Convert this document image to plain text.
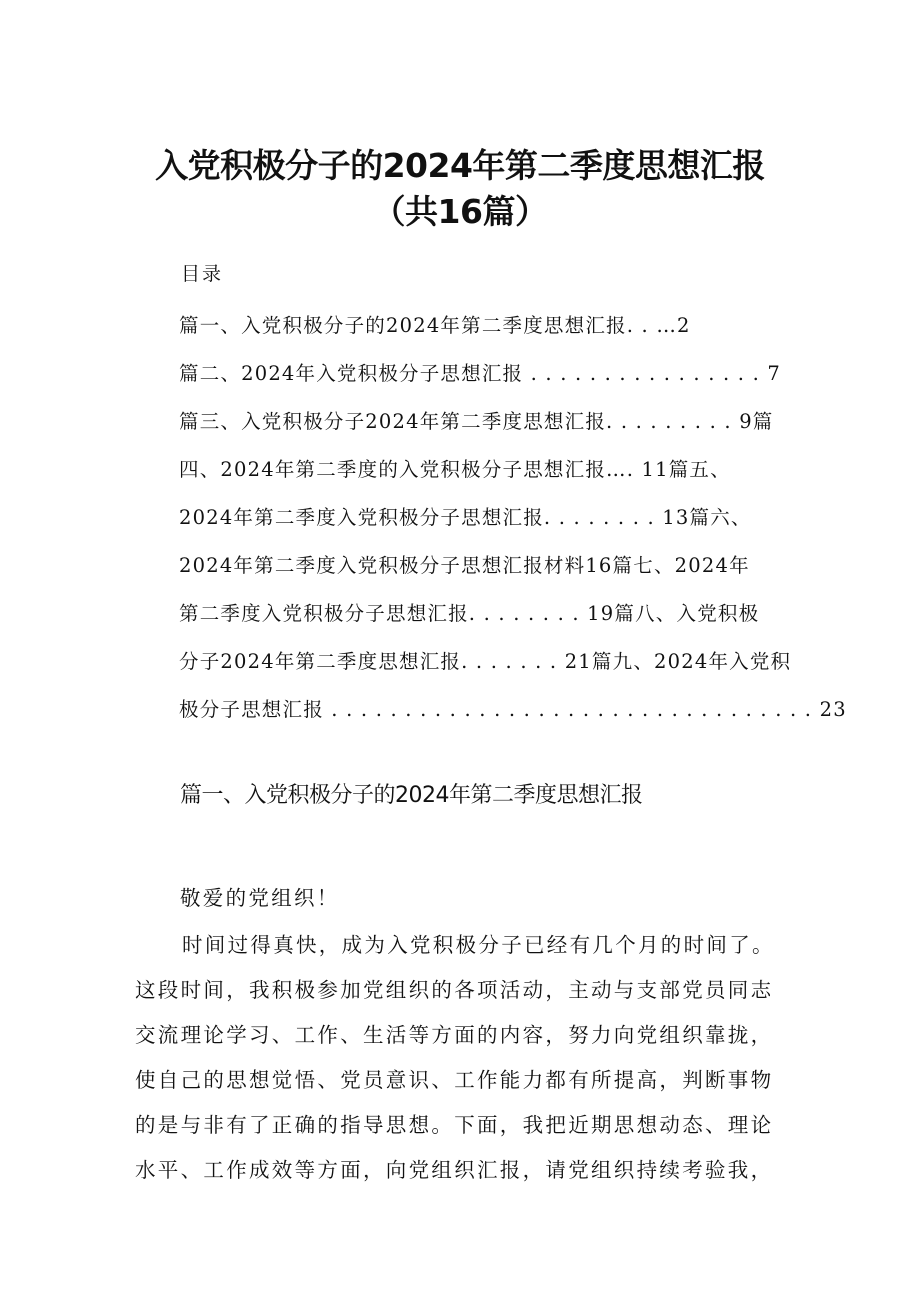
入党积极分子的2024年第二季度思想汇报
（共16篇）
目录
篇一、入党积极分子的2024年第二季度思想汇报. . …2
篇二、2024年入党积极分子思想汇报 . . . . . . . . . . . . . . . . 7
篇三、入党积极分子2024年第二季度思想汇报. . . . . . . . . 9篇
四、2024年第二季度的入党积极分子思想汇报…. 11篇五、
2024年第二季度入党积极分子思想汇报. . . . . . . . 13篇六、
2024年第二季度入党积极分子思想汇报材料16篇七、2024年
第二季度入党积极分子思想汇报. . . . . . . . 19篇八、入党积极
分子2024年第二季度思想汇报. . . . . . . 21篇九、2024年入党积
极分子思想汇报 . . . . . . . . . . . . . . . . . . . . . . . . . . . . . . . . . 23
篇一、入党积极分子的2024年第二季度思想汇报
敬爱的党组织！
时间过得真快，成为入党积极分子已经有几个月的时间了。
这段时间，我积极参加党组织的各项活动，主动与支部党员同志
交流理论学习、工作、生活等方面的内容，努力向党组织靠拢，
使自己的思想觉悟、党员意识、工作能力都有所提高，判断事物
的是与非有了正确的指导思想。下面，我把近期思想动态、理论
水平、工作成效等方面，向党组织汇报，请党组织持续考验我，
